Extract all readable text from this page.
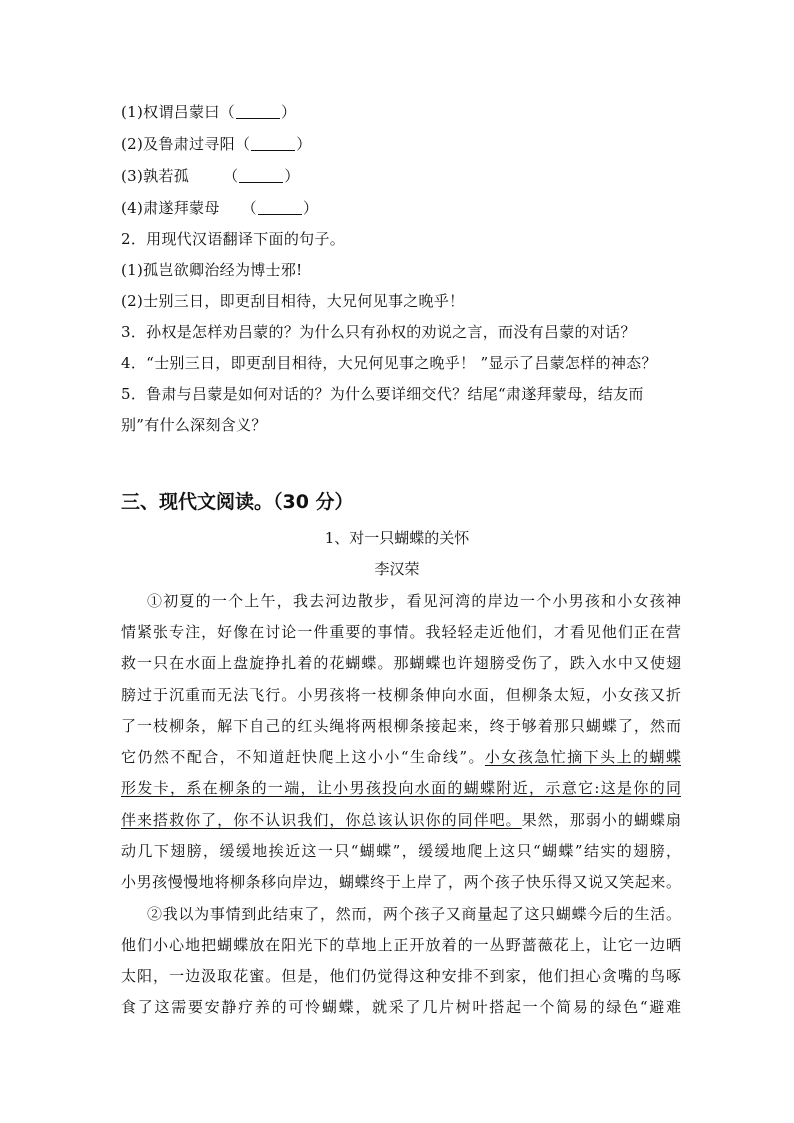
(1)权谓吕蒙曰（	）
(2)及鲁肃过寻阳（	）
(3)孰若孤 （	）
(4)肃遂拜蒙母 （	）
2．用现代汉语翻译下面的句子。
(1)孤岂欲卿治经为博士邪!
(2)士别三日，即更刮目相待，大兄何见事之晚乎！
3．孙权是怎样劝吕蒙的？为什么只有孙权的劝说之言，而没有吕蒙的对话？
4．“士别三日，即更刮目相待，大兄何见事之晚乎！ ”显示了吕蒙怎样的神态？
5．鲁肃与吕蒙是如何对话的？为什么要详细交代？结尾“肃遂拜蒙母，结友而
别”有什么深刻含义？
三、现代文阅读。（30 分）
1、对一只蝴蝶的关怀
李汉荣
①初夏的一个上午，我去河边散步，看见河湾的岸边一个小男孩和小女孩神
情紧张专注，好像在讨论一件重要的事情。我轻轻走近他们，才看见他们正在营
救一只在水面上盘旋挣扎着的花蝴蝶。那蝴蝶也许翅膀受伤了，跌入水中又使翅
膀过于沉重而无法飞行。小男孩将一枝柳条伸向水面，但柳条太短，小女孩又折
了一枝柳条，解下自己的红头绳将两根柳条接起来，终于够着那只蝴蝶了，然而
它仍然不配合，不知道赶快爬上这小小“生命线”。小女孩急忙摘下头上的蝴蝶
形发卡，系在柳条的一端，让小男孩投向水面的蝴蝶附近，示意它:这是你的同
伴来搭救你了，你不认识我们，你总该认识你的同伴吧。果然，那弱小的蝴蝶扇
动几下翅膀，缓缓地挨近这一只“蝴蝶”，缓缓地爬上这只“蝴蝶”结实的翅膀，
小男孩慢慢地将柳条移向岸边，蝴蝶终于上岸了，两个孩子快乐得又说又笑起来。
②我以为事情到此结束了，然而，两个孩子又商量起了这只蝴蝶今后的生活。
他们小心地把蝴蝶放在阳光下的草地上正开放着的一丛野蔷薇花上，让它一边晒
太阳，一边汲取花蜜。但是，他们仍觉得这种安排不到家，他们担心贪嘴的鸟啄
食了这需要安静疗养的可怜蝴蝶，就采了几片树叶搭起一个简易的绿色“避难
